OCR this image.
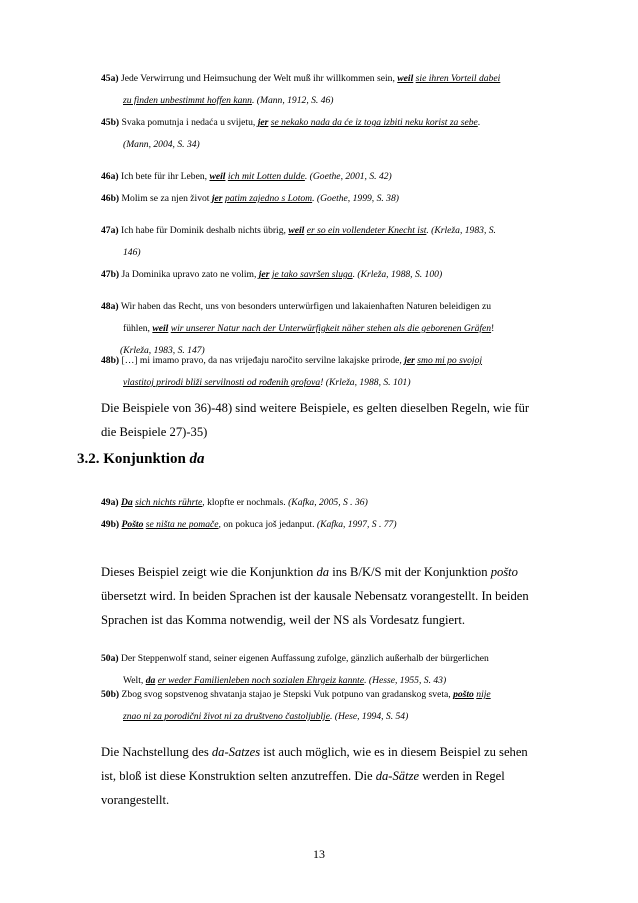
45a) Jede Verwirrung und Heimsuchung der Welt muß ihr willkommen sein, weil sie ihren Vorteil dabei
zu finden unbestimmt hoffen kann. (Mann, 1912, S. 46)
45b) Svaka pomutnja i nedaća u svijetu, jer se nekako nada da će iz toga izbiti neku korist za sebe.
(Mann, 2004, S. 34)
46a) Ich bete für ihr Leben, weil ich mit Lotten dulde. (Goethe, 2001, S. 42)
46b) Molim se za njen život jer patim zajedno s Lotom. (Goethe, 1999, S. 38)
47a) Ich habe für Dominik deshalb nichts übrig, weil er so ein vollendeter Knecht ist. (Krleža, 1983, S.
146)
47b) Ja Dominika upravo zato ne volim, jer je tako savršen sluga. (Krleža, 1988, S. 100)
48a) Wir haben das Recht, uns von besonders unterwürfigen und lakaienhaften Naturen beleidigen zu
fühlen, weil wir unserer Natur nach der Unterwürfigkeit näher stehen als die geborenen Gräfen!
(Krleža, 1983, S. 147)
48b) […] mi imamo pravo, da nas vrijeđaju naročito servilne lakajske prirode, jer smo mi po svojoj
vlastitoj prirodi bliži servilnosti od rođenih grofova! (Krleža, 1988, S. 101)
Die Beispiele von 36)-48) sind weitere Beispiele, es gelten dieselben Regeln, wie für
die Beispiele 27)-35)
3.2. Konjunktion da
49a) Da sich nichts rührte, klopfte er nochmals. (Kafka, 2005, S . 36)
49b) Pošto se ništa ne pomače, on pokuca još jedanput. (Kafka, 1997, S . 77)
Dieses Beispiel zeigt wie die Konjunktion da ins B/K/S mit der Konjunktion pošto
übersetzt wird. In beiden Sprachen ist der kausale Nebensatz vorangestellt. In beiden
Sprachen ist das Komma notwendig, weil der NS als Vordesatz fungiert.
50a) Der Steppenwolf stand, seiner eigenen Auffassung zufolge, gänzlich außerhalb der bürgerlichen
Welt, da er weder Familienleben noch sozialen Ehrgeiz kannte. (Hesse, 1955, S. 43)
50b) Zbog svog sopstvenog shvatanja stajao je Stepski Vuk potpuno van gradanskog sveta, pošto nije
znao ni za porodični život ni za društveno častoljublje. (Hese, 1994, S. 54)
Die Nachstellung des da-Satzes ist auch möglich, wie es in diesem Beispiel zu sehen
ist, bloß ist diese Konstruktion selten anzutreffen. Die da-Sätze werden in Regel
vorangestellt.
13
